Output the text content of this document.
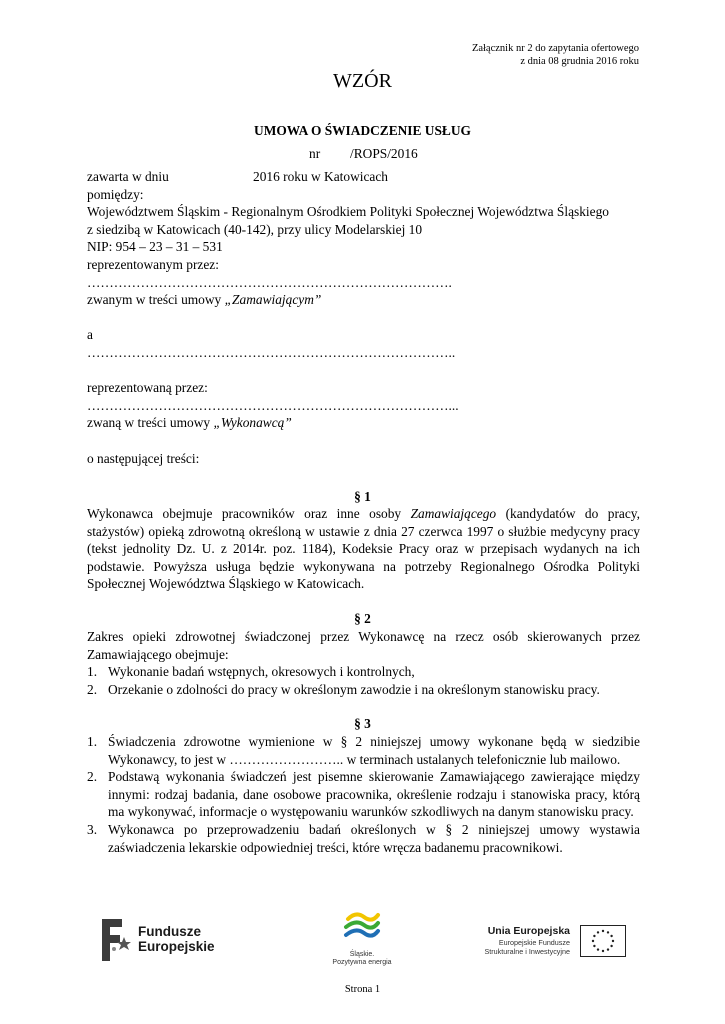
Załącznik nr 2 do zapytania ofertowego
z dnia 08 grudnia 2016 roku
WZÓR
UMOWA O ŚWIADCZENIE USŁUG
nr /ROPS/2016
zawarta w dniu	2016 roku w Katowicach
pomiędzy:
Województwem Śląskim - Regionalnym Ośrodkiem Polityki Społecznej Województwa Śląskiego
z siedzibą w Katowicach (40-142), przy ulicy Modelarskiej 10
NIP: 954 – 23 – 31 – 531
reprezentowanym przez:
……………………………………………………………………….
zwanym w treści umowy „Zamawiającym”
a
………………………………………………………………………..
reprezentowaną przez:
………………………………………………………………………...
zwaną w treści umowy „Wykonawcą”
o następującej treści:
§ 1
Wykonawca obejmuje pracowników oraz inne osoby Zamawiającego (kandydatów do pracy,
stażystów) opieką zdrowotną określoną w ustawie z dnia 27 czerwca 1997 o służbie medycyny pracy
(tekst jednolity Dz. U. z 2014r. poz. 1184), Kodeksie Pracy oraz w przepisach wydanych na ich
podstawie. Powyższa usługa będzie wykonywana na potrzeby Regionalnego Ośrodka Polityki
Społecznej Województwa Śląskiego w Katowicach.
§ 2
Zakres opieki zdrowotnej świadczonej przez Wykonawcę na rzecz osób skierowanych przez
Zamawiającego obejmuje:
1. Wykonanie badań wstępnych, okresowych i kontrolnych,
2. Orzekanie o zdolności do pracy w określonym zawodzie i na określonym stanowisku pracy.
§ 3
1. Świadczenia zdrowotne wymienione w § 2 niniejszej umowy wykonane będą w siedzibie
Wykonawcy, to jest w …………………….. w terminach ustalanych telefonicznie lub mailowo.
2. Podstawą wykonania świadczeń jest pisemne skierowanie Zamawiającego zawierające między
innymi: rodzaj badania, dane osobowe pracownika, określenie rodzaju i stanowiska pracy, którą
ma wykonywać, informacje o występowaniu warunków szkodliwych na danym stanowisku pracy.
3. Wykonawca po przeprowadzeniu badań określonych w § 2 niniejszej umowy wystawia
zaświadczenia lekarskie odpowiedniej treści, które wręcza badanemu pracownikowi.
Fundusze
Europejskie
Śląskie.
Pozytywna energia
Unia Europejska
Europejskie Fundusze
Strukturalne i Inwestycyjne
Strona 1
